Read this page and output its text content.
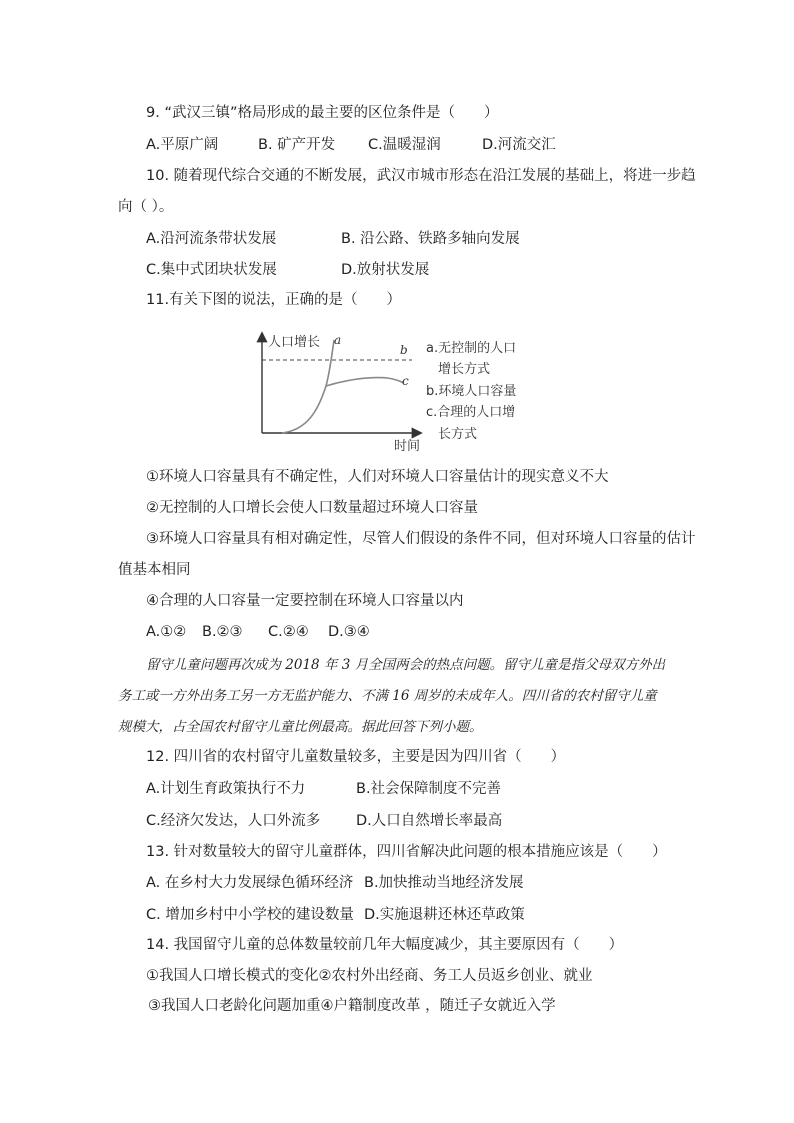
9. “武汉三镇”格局形成的最主要的区位条件是（　　）
A.平原广阔	B. 矿产开发 C.温暖湿润	D.河流交汇
10. 随着现代综合交通的不断发展，武汉市城市形态在沿江发展的基础上，将进一步趋
向（ ）。
A.沿河流条带状发展	B. 沿公路、铁路多轴向发展
C.集中式团块状发展	D.放射状发展
11.有关下图的说法，正确的是（　　）
人口增长
时间
a
b
c
a.无控制的人口
增长方式
b.环境人口容量
c.合理的人口增
长方式
①环境人口容量具有不确定性，人们对环境人口容量估计的现实意义不大
②无控制的人口增长会使人口数量超过环境人口容量
③环境人口容量具有相对确定性，尽管人们假设的条件不同，但对环境人口容量的估计
值基本相同
④合理的人口容量一定要控制在环境人口容量以内
A.①② B.②③ C.②④ D.③④
留守儿童问题再次成为 2018 年 3 月全国两会的热点问题。留守儿童是指父母双方外出
务工或一方外出务工另一方无监护能力、不满 16 周岁的未成年人。四川省的农村留守儿童
规模大，占全国农村留守儿童比例最高。据此回答下列小题。
12. 四川省的农村留守儿童数量较多，主要是因为四川省（　　）
A.计划生育政策执行不力	B.社会保障制度不完善
C.经济欠发达，人口外流多 D.人口自然增长率最高
13. 针对数量较大的留守儿童群体，四川省解决此问题的根本措施应该是（　　）
A. 在乡村大力发展绿色循环经济 B.加快推动当地经济发展
C. 增加乡村中小学校的建设数量 D.实施退耕还林还草政策
14. 我国留守儿童的总体数量较前几年大幅度减少，其主要原因有（　　）
①我国人口增长模式的变化②农村外出经商、务工人员返乡创业、就业
③我国人口老龄化问题加重④户籍制度改革 ，随迁子女就近入学
